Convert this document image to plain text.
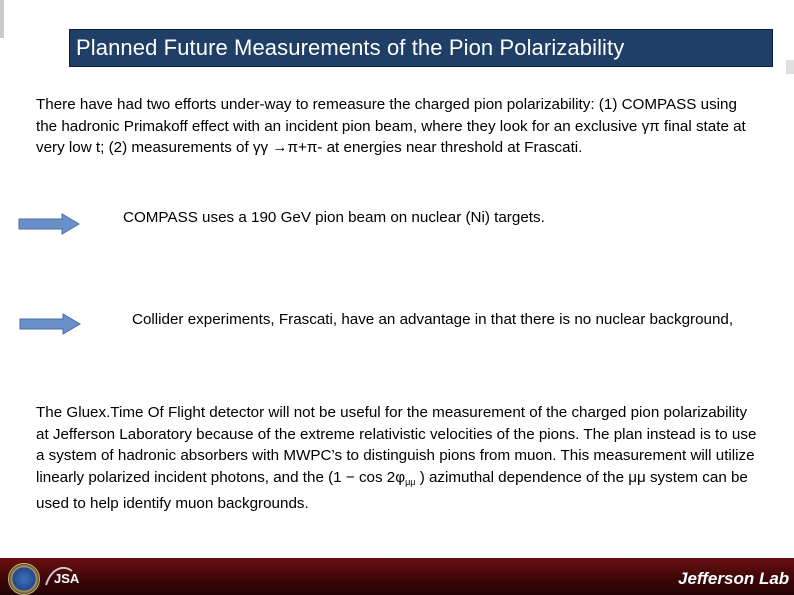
Planned Future Measurements of the Pion Polarizability
There have had two efforts under-way to remeasure the charged pion polarizability: (1) COMPASS using the hadronic Primakoff effect with an incident pion beam, where they look for an exclusive γπ final state at very low t; (2) measurements of γγ →π+π- at energies near threshold at Frascati.
COMPASS uses a 190 GeV pion beam on nuclear (Ni) targets.
Collider experiments, Frascati, have an advantage in that there is no nuclear background,
The Gluex.Time Of Flight detector will not be useful for the measurement of the charged pion polarizability at Jefferson Laboratory because of the extreme relativistic velocities of the pions. The plan instead is to use a system of hadronic absorbers with MWPC’s to distinguish pions from muon. This measurement will utilize linearly polarized incident photons, and the ($1 - \cos 2\varphi_{\mu\mu}$ ) azimuthal dependence of the μμ system can be used to help identify muon backgrounds.
JSA	Jefferson Lab
